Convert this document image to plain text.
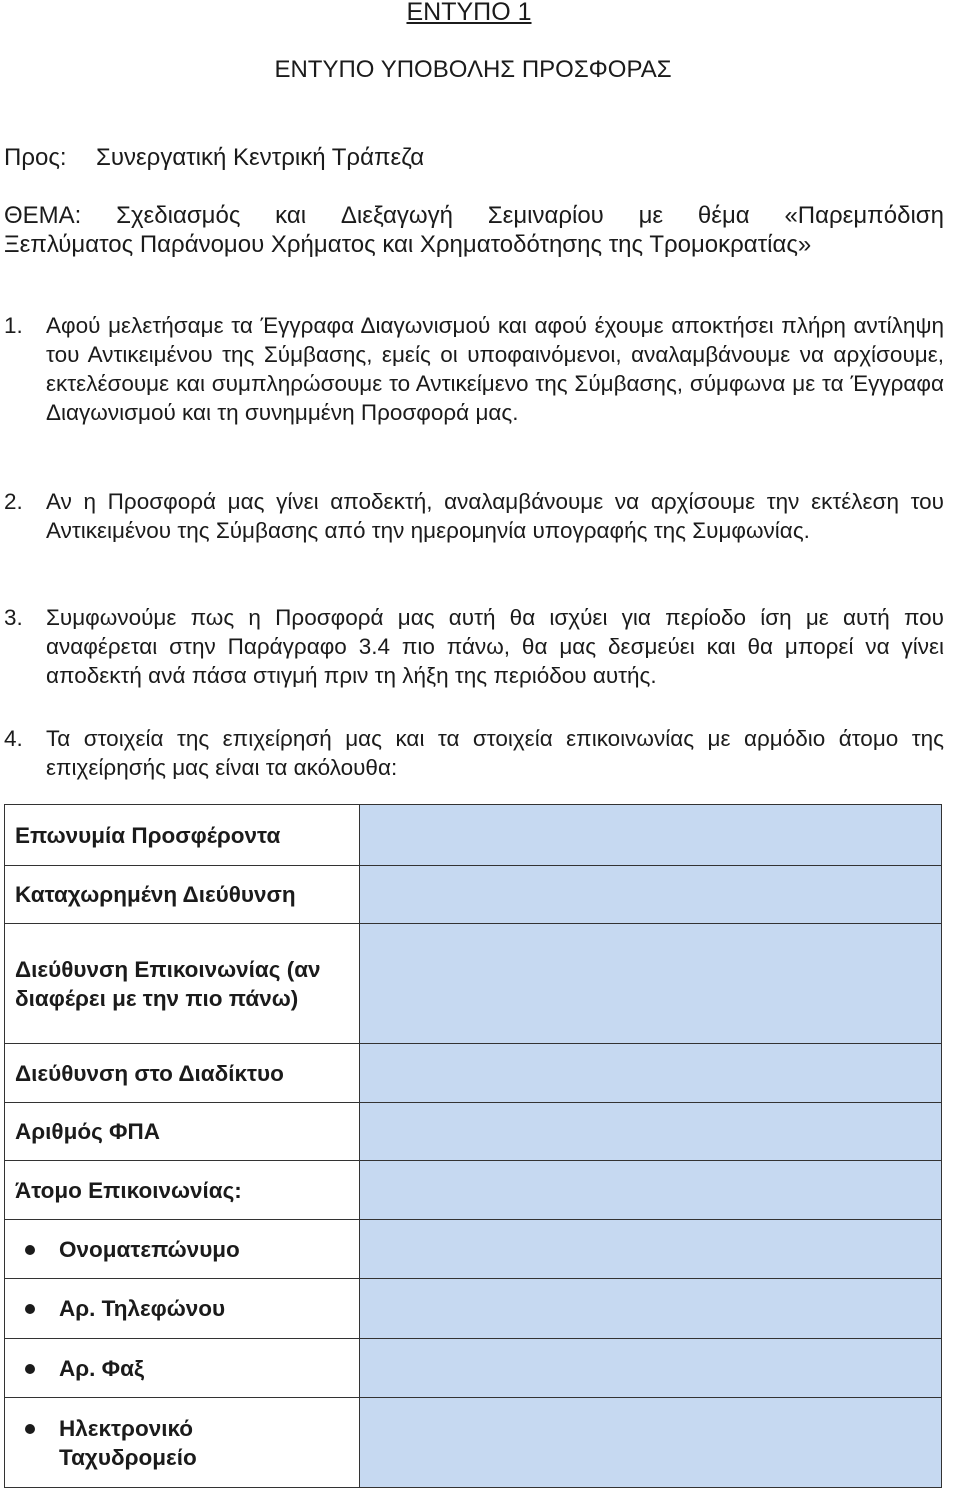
ΕΝΤΥΠΟ 1
ΕΝΤΥΠΟ ΥΠΟΒΟΛΗΣ ΠΡΟΣΦΟΡΑΣ
Προς: Συνεργατική Κεντρική Τράπεζα
ΘΕΜΑ: Σχεδιασμός και Διεξαγωγή Σεμιναρίου με θέμα «Παρεμπόδιση
Ξεπλύματος Παράνομου Χρήματος και Χρηματοδότησης της Τρομοκρατίας»
1.	Αφού μελετήσαμε τα Έγγραφα Διαγωνισμού και αφού έχουμε αποκτήσει πλήρη αντίληψη του Αντικειμένου της Σύμβασης, εμείς οι υποφαινόμενοι, αναλαμβάνουμε να αρχίσουμε, εκτελέσουμε και συμπληρώσουμε το Αντικείμενο της Σύμβασης, σύμφωνα με τα Έγγραφα Διαγωνισμού και τη συνημμένη Προσφορά μας.
2.	Αν η Προσφορά μας γίνει αποδεκτή, αναλαμβάνουμε να αρχίσουμε την εκτέλεση του Αντικειμένου της Σύμβασης από την ημερομηνία υπογραφής της Συμφωνίας.
3.	Συμφωνούμε πως η Προσφορά μας αυτή θα ισχύει για περίοδο ίση με αυτή που αναφέρεται στην Παράγραφο 3.4 πιο πάνω, θα μας δεσμεύει και θα μπορεί να γίνει αποδεκτή ανά πάσα στιγμή πριν τη λήξη της περιόδου αυτής.
4.	Τα στοιχεία της επιχείρησή μας και τα στοιχεία επικοινωνίας με αρμόδιο άτομο της επιχείρησής μας είναι τα ακόλουθα:
Επωνυμία Προσφέροντα	
Καταχωρημένη Διεύθυνση	
Διεύθυνση Επικοινωνίας (αν διαφέρει με την πιο πάνω)	
Διεύθυνση στο Διαδίκτυο	
Αριθμός ΦΠΑ	
Άτομο Επικοινωνίας:	

Ονοματεπώνυμο	

Αρ. Τηλεφώνου	

Αρ. Φαξ	

Ηλεκτρονικό Ταχυδρομείο	
